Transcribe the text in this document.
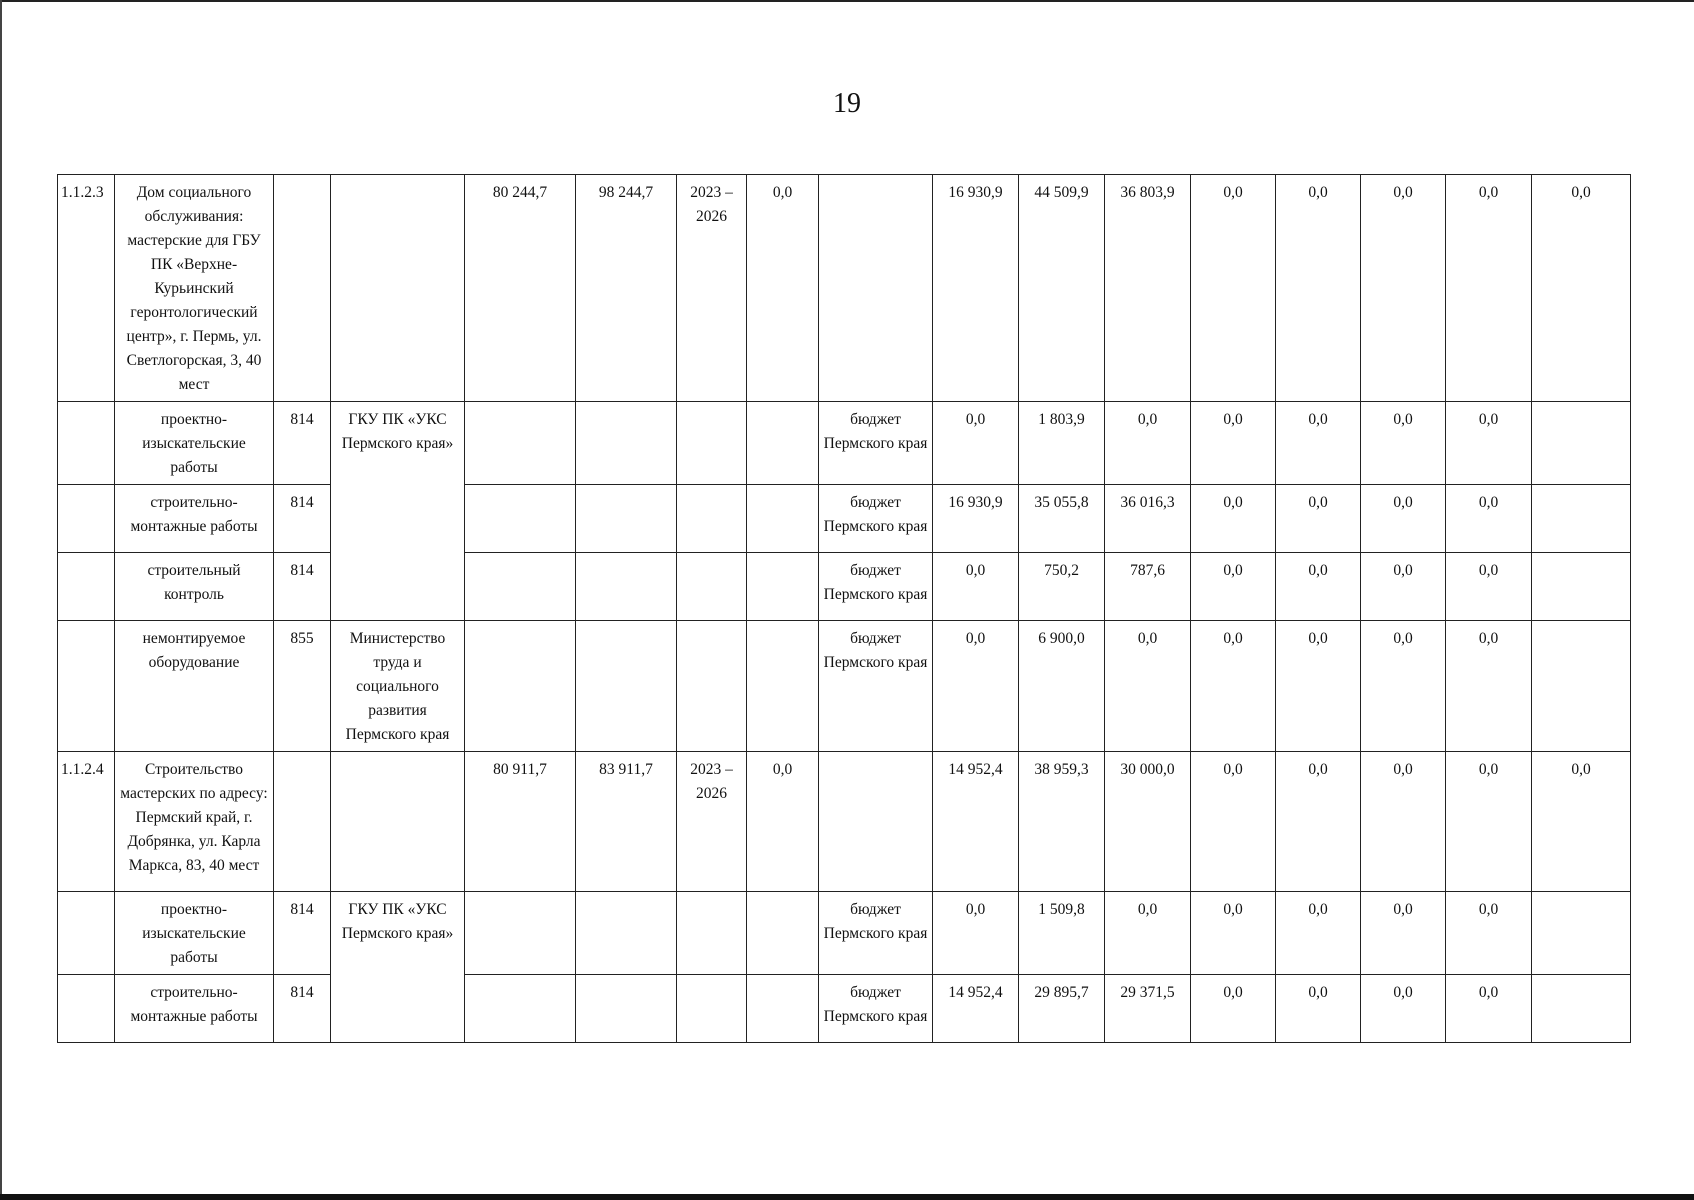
19
1.1.2.3	Дом социального обслуживания: мастерские для ГБУ ПК «Верхне-Курьинский геронтологический центр», г. Пермь, ул. Светлогорская, 3, 40 мест			80 244,7	98 244,7	2023 – 2026	0,0		16 930,9	44 509,9	36 803,9	0,0	0,0	0,0	0,0	0,0
	проектно-изыскательские работы	814	ГКУ ПК «УКС Пермского края»					бюджет Пермского края	0,0	1 803,9	0,0	0,0	0,0	0,0	0,0	
	строительно-монтажные работы	814						бюджет Пермского края	16 930,9	35 055,8	36 016,3	0,0	0,0	0,0	0,0	
	строительный контроль	814						бюджет Пермского края	0,0	750,2	787,6	0,0	0,0	0,0	0,0	
	немонтируемое оборудование	855	Министерство труда и социального развития Пермского края					бюджет Пермского края	0,0	6 900,0	0,0	0,0	0,0	0,0	0,0	
1.1.2.4	Строительство мастерских по адресу: Пермский край, г. Добрянка, ул. Карла Маркса, 83, 40 мест			80 911,7	83 911,7	2023 – 2026	0,0		14 952,4	38 959,3	30 000,0	0,0	0,0	0,0	0,0	0,0
	проектно-изыскательские работы	814	ГКУ ПК «УКС Пермского края»					бюджет Пермского края	0,0	1 509,8	0,0	0,0	0,0	0,0	0,0	
	строительно-монтажные работы	814						бюджет Пермского края	14 952,4	29 895,7	29 371,5	0,0	0,0	0,0	0,0	
